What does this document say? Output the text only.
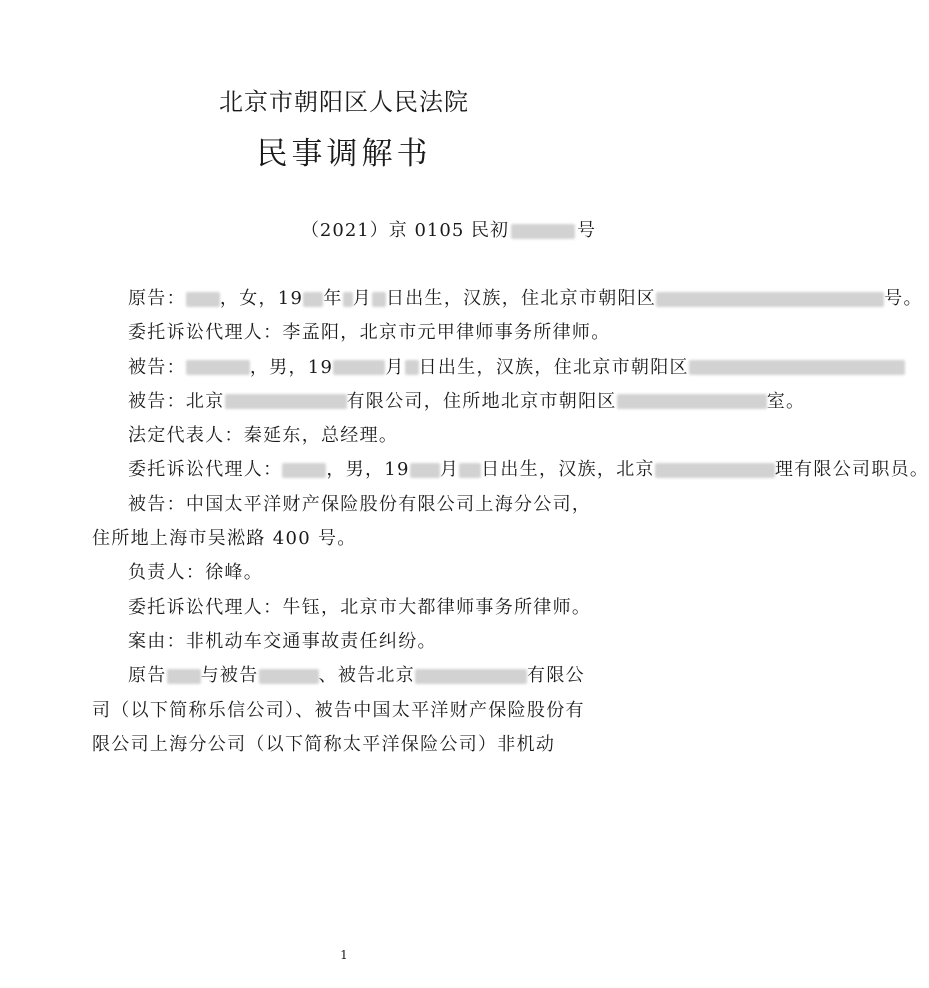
北京市朝阳区人民法院
民事调解书
（2021）京 0105 民初	号

原告： ，女，19 年 月 日出生，汉族，住北京市朝阳区	号。

委托诉讼代理人：李孟阳，北京市元甲律师事务所律师。

被告：	，男，19	月 日出生，汉族，住北京市朝阳区

被告：北京	有限公司，住所地北京市朝阳区	室。

法定代表人：秦延东，总经理。

委托诉讼代理人： ，男，19 月 日出生，汉族，北京	理有限公司职员。

被告：中国太平洋财产保险股份有限公司上海分公司，住所地上海市吴淞路 400 号。

负责人：徐峰。

委托诉讼代理人：牛钰，北京市大都律师事务所律师。

案由：非机动车交通事故责任纠纷。

原告 与被告	、被告北京	有限公司（以下简称乐信公司）、被告中国太平洋财产保险股份有限公司上海分公司（以下简称太平洋保险公司）非机动

1
